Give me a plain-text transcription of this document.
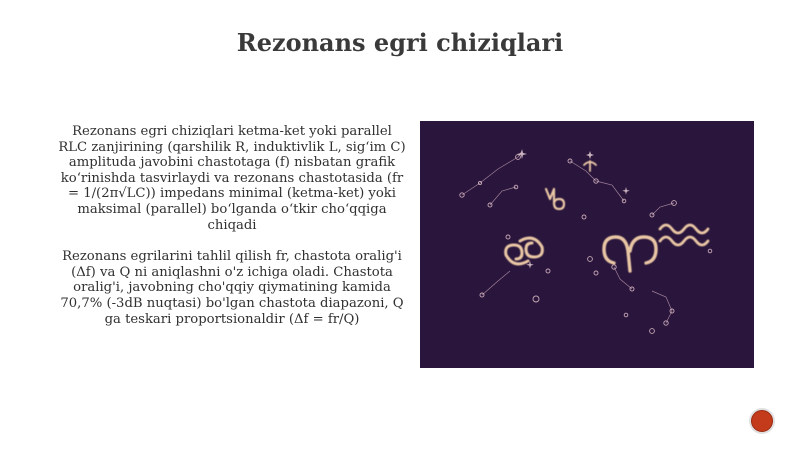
Rezonans egri chiziqlari

Rezonans egri chiziqlari ketma-ket yoki parallel RLC zanjirining (qarshilik R, induktivlik L, sig‘im C) amplituda javobini chastotaga (f) nisbatan grafik ko‘rinishda tasvirlaydi va rezonans chastotasida (fr = 1/(2π√LC)) impedans minimal (ketma-ket) yoki maksimal (parallel) bo‘lganda o‘tkir cho‘qqiga chiqadi

Rezonans egrilarini tahlil qilish fr, chastota oralig'i (Δf) va Q ni aniqlashni o'z ichiga oladi. Chastota oralig'i, javobning cho'qqiy qiymatining kamida 70,7% (-3dB nuqtasi) bo'lgan chastota diapazoni, Q ga teskari proportsionaldir (Δf = fr/Q)
